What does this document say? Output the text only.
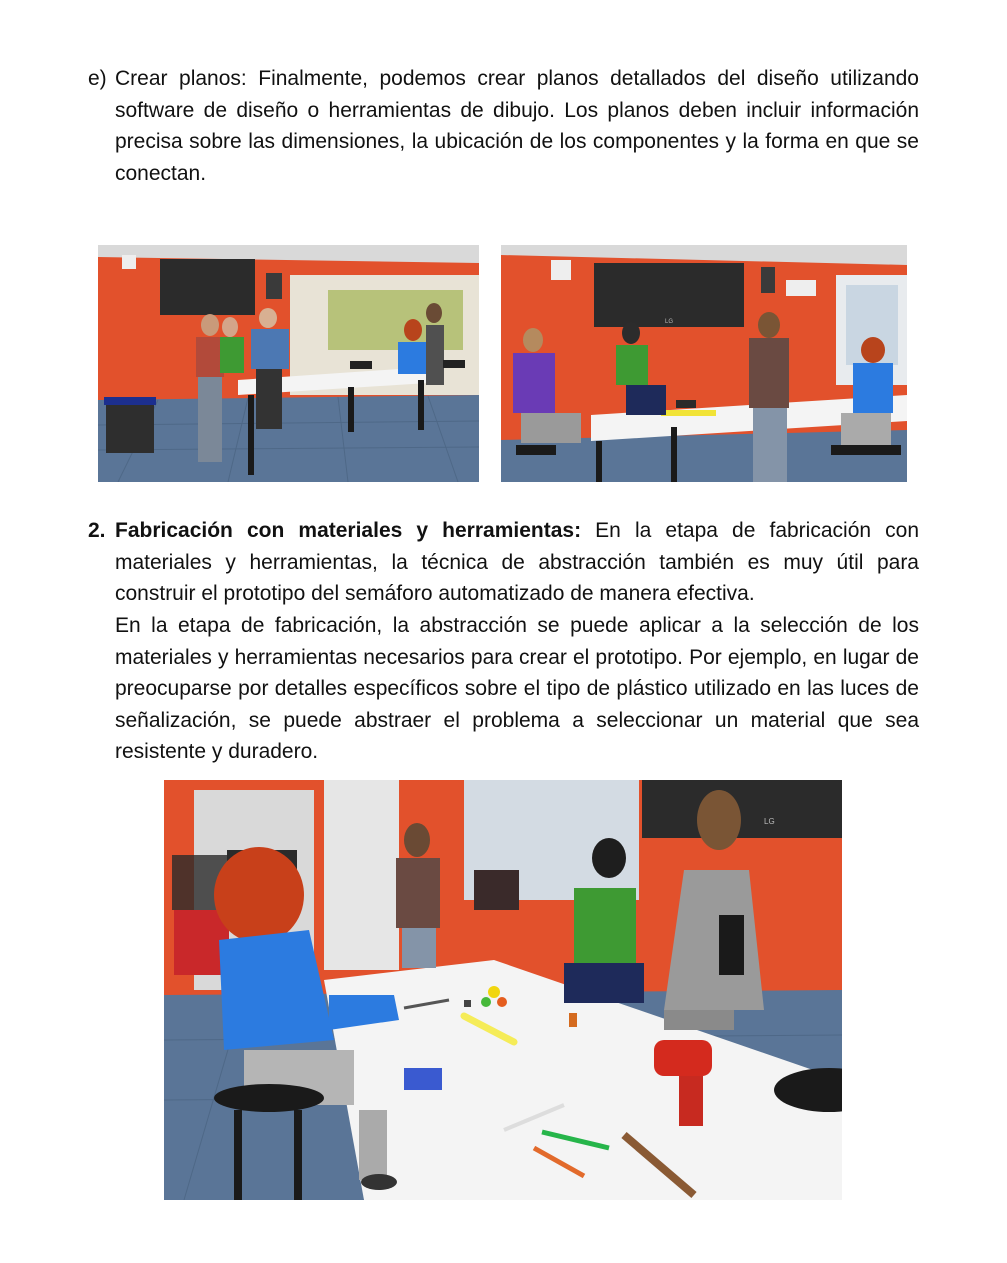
e) Crear planos: Finalmente, podemos crear planos detallados del diseño utilizando software de diseño o herramientas de dibujo. Los planos deben incluir información precisa sobre las dimensiones, la ubicación de los componentes y la forma en que se conectan.

LG
2. Fabricación con materiales y herramientas: En la etapa de fabricación con materiales y herramientas, la técnica de abstracción también es muy útil para construir el prototipo del semáforo automatizado de manera efectiva.

En la etapa de fabricación, la abstracción se puede aplicar a la selección de los materiales y herramientas necesarios para crear el prototipo. Por ejemplo, en lugar de preocuparse por detalles específicos sobre el tipo de plástico utilizado en las luces de señalización, se puede abstraer el problema a seleccionar un material que sea resistente y duradero.

LG
